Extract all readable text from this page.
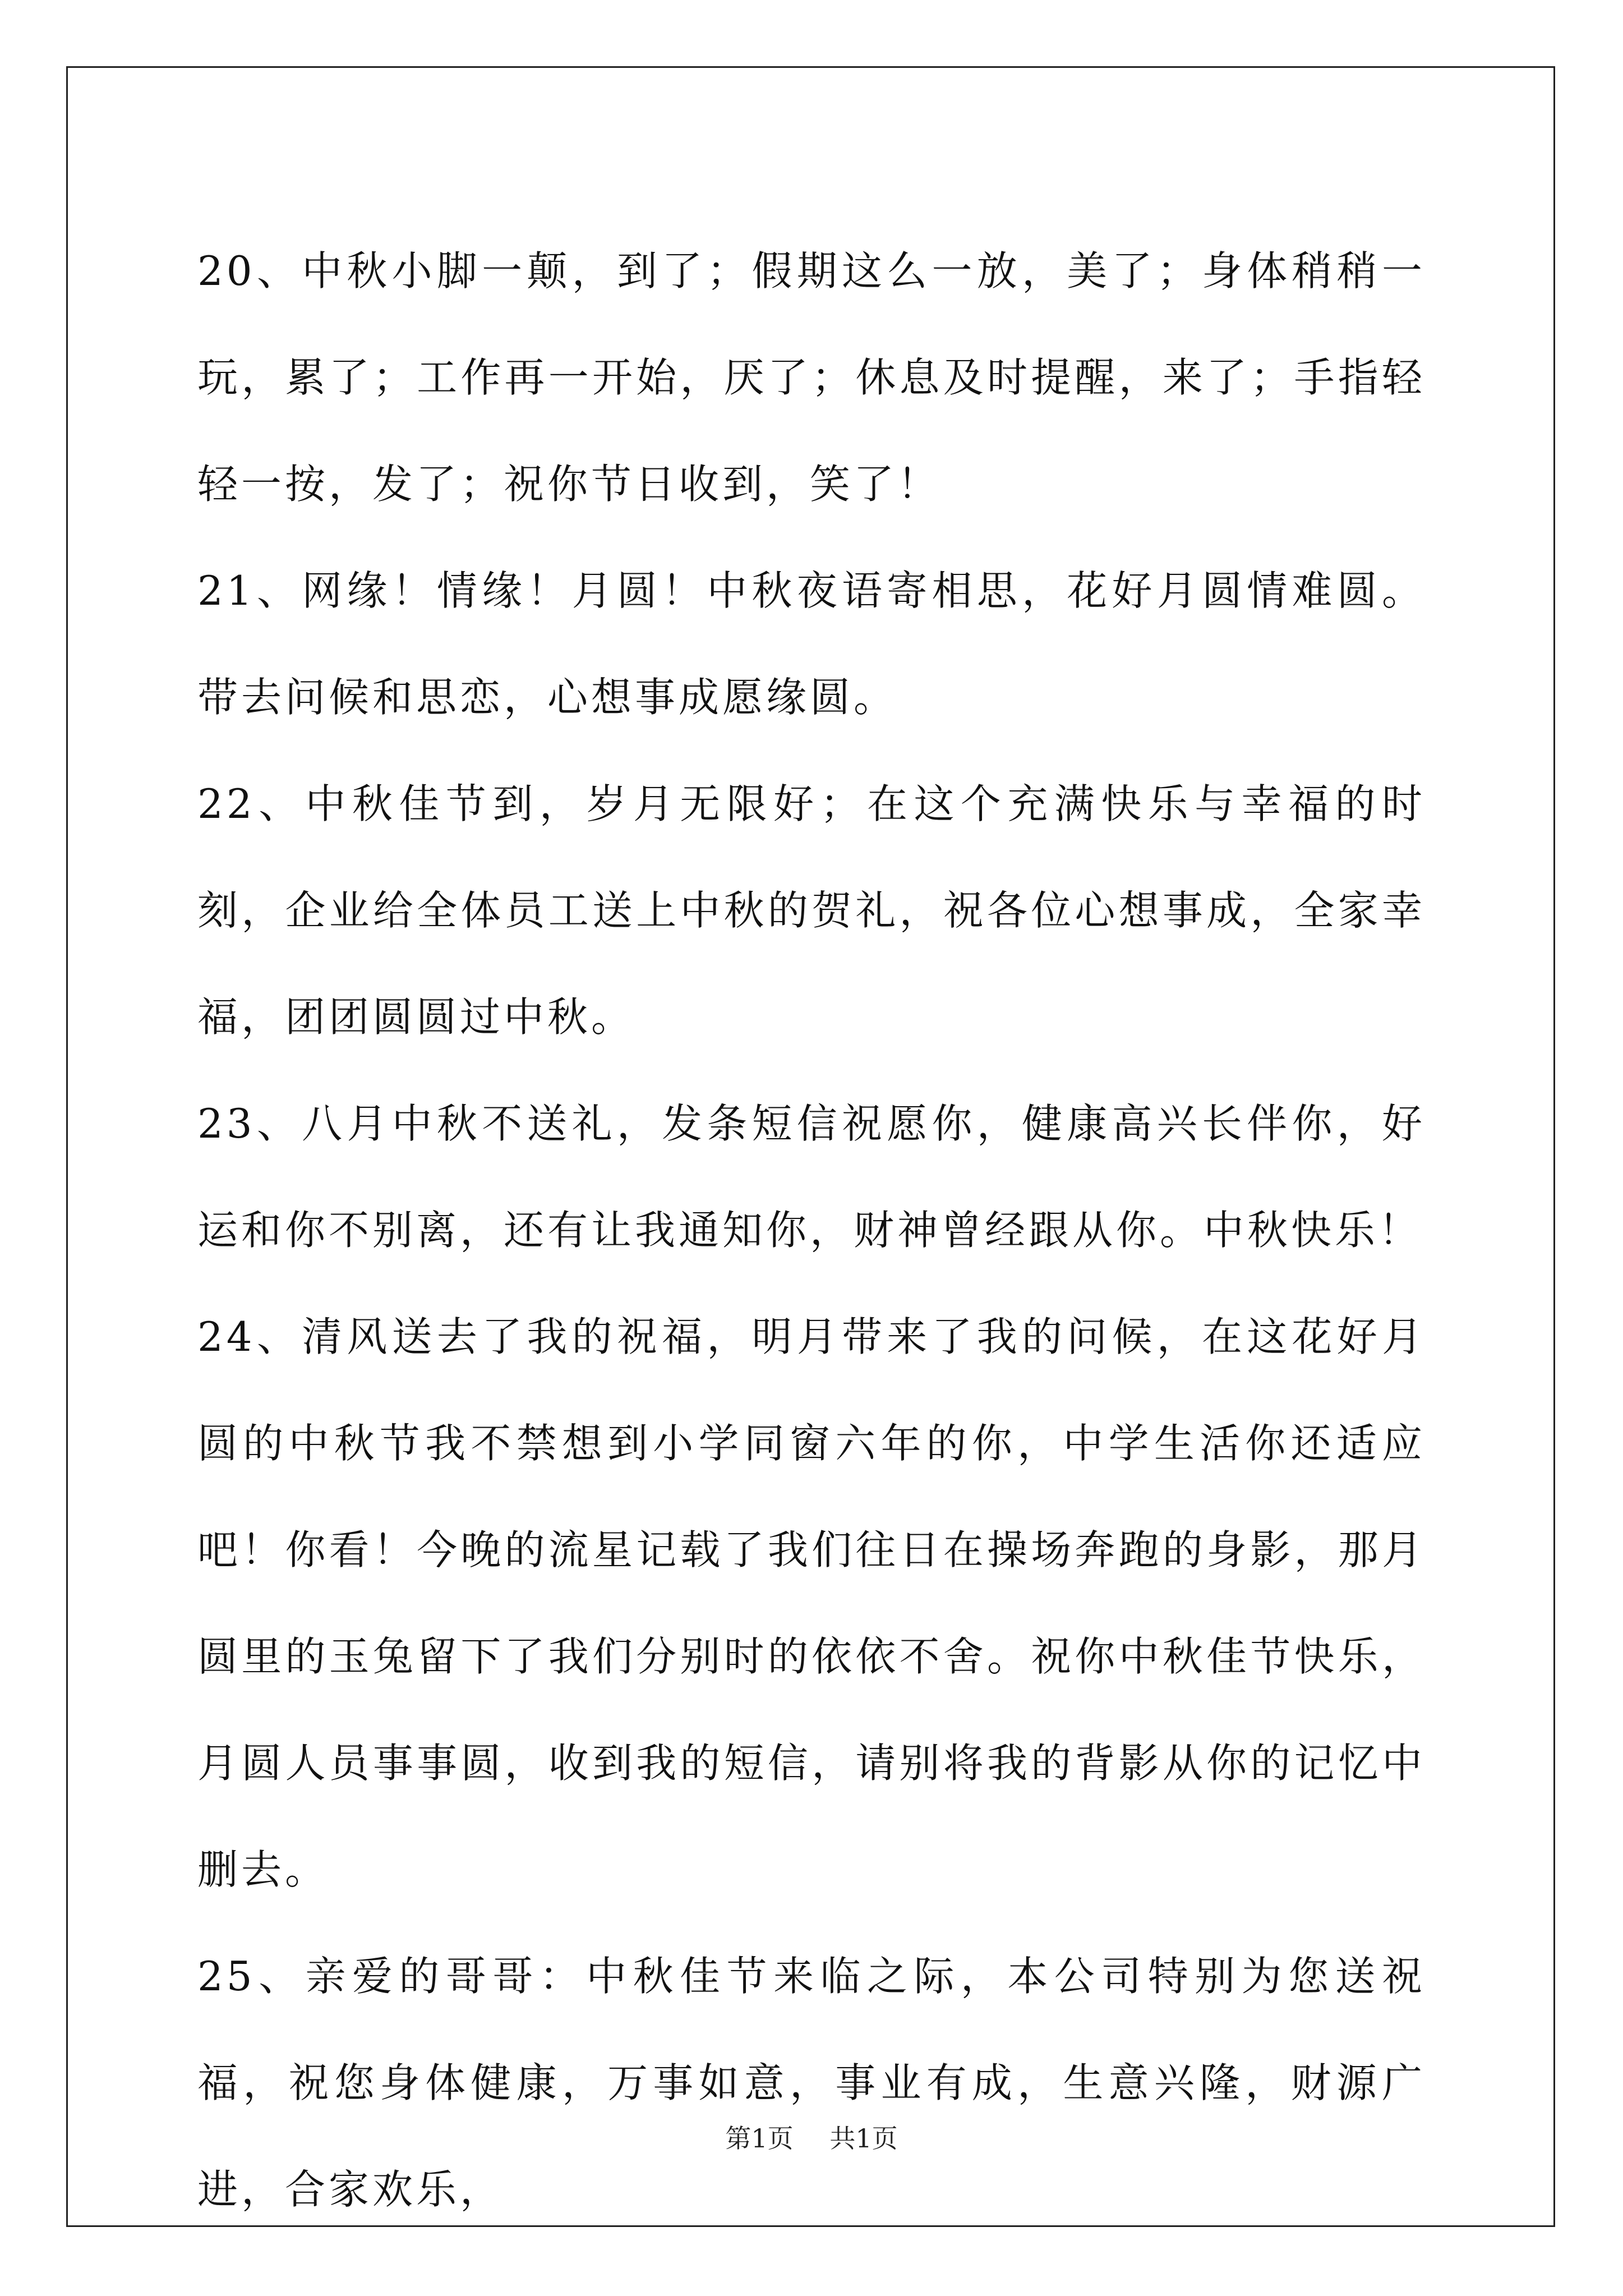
20、中秋小脚一颠，到了；假期这么一放，美了；身体稍稍一玩，累了；工作再一开始，厌了；休息及时提醒，来了；手指轻轻一按，发了；祝你节日收到，笑了！

21、网缘！情缘！月圆！中秋夜语寄相思，花好月圆情难圆。带去问候和思恋，心想事成愿缘圆。

22、中秋佳节到，岁月无限好；在这个充满快乐与幸福的时刻，企业给全体员工送上中秋的贺礼，祝各位心想事成，全家幸福，团团圆圆过中秋。

23、八月中秋不送礼，发条短信祝愿你，健康高兴长伴你，好运和你不别离，还有让我通知你，财神曾经跟从你。中秋快乐！

24、清风送去了我的祝福，明月带来了我的问候，在这花好月圆的中秋节我不禁想到小学同窗六年的你，中学生活你还适应吧！你看！今晚的流星记载了我们往日在操场奔跑的身影，那月圆里的玉兔留下了我们分别时的依依不舍。祝你中秋佳节快乐，月圆人员事事圆，收到我的短信，请别将我的背影从你的记忆中删去。

25、亲爱的哥哥：中秋佳节来临之际，本公司特别为您送祝福，祝您身体健康，万事如意，事业有成，生意兴隆，财源广进，合家欢乐，

第1页 共1页
